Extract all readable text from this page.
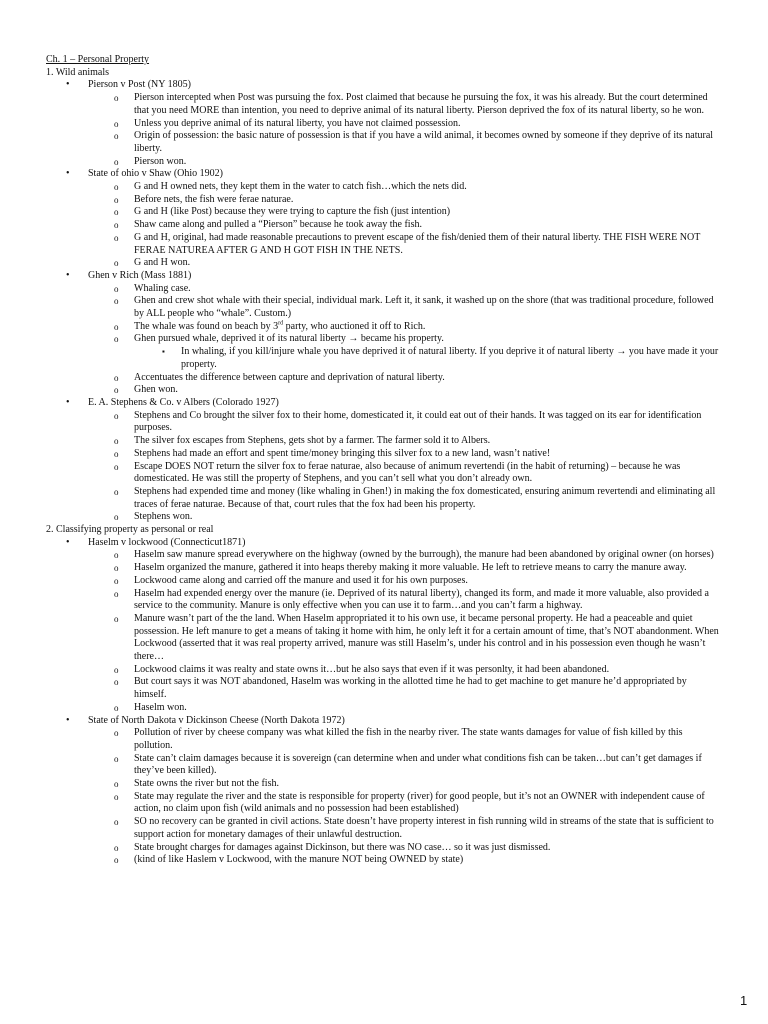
Ch. 1 – Personal Property
1. Wild animals
• Pierson v Post (NY 1805)
o Pierson intercepted when Post was pursuing the fox. Post claimed that because he pursuing the fox, it was his already. But the court determined that you need MORE than intention, you need to deprive animal of its natural liberty. Pierson deprived the fox of its natural liberty, so he won.
o Unless you deprive animal of its natural liberty, you have not claimed possession.
o Origin of possession: the basic nature of possession is that if you have a wild animal, it becomes owned by someone if they deprive of its natural liberty.
o Pierson won.
• State of ohio v Shaw (Ohio 1902)
o G and H owned nets, they kept them in the water to catch fish…which the nets did.
o Before nets, the fish were ferae naturae.
o G and H (like Post) because they were trying to capture the fish (just intention)
o Shaw came along and pulled a “Pierson” because he took away the fish.
o G and H, original, had made reasonable precautions to prevent escape of the fish/denied them of their natural liberty. THE FISH WERE NOT FERAE NATUREA AFTER G AND H GOT FISH IN THE NETS.
o G and H won.
• Ghen v Rich (Mass 1881)
o Whaling case.
o Ghen and crew shot whale with their special, individual mark. Left it, it sank, it washed up on the shore (that was traditional procedure, followed by ALL people who “whale”. Custom.)
o The whale was found on beach by 3rd party, who auctioned it off to Rich.
o Ghen pursued whale, deprived it of its natural liberty → became his property.
▪ In whaling, if you kill/injure whale you have deprived it of natural liberty. If you deprive it of natural liberty → you have made it your property.
o Accentuates the difference between capture and deprivation of natural liberty.
o Ghen won.
• E. A. Stephens & Co. v Albers (Colorado 1927)
o Stephens and Co brought the silver fox to their home, domesticated it, it could eat out of their hands. It was tagged on its ear for identification purposes.
o The silver fox escapes from Stephens, gets shot by a farmer. The farmer sold it to Albers.
o Stephens had made an effort and spent time/money bringing this silver fox to a new land, wasn’t native!
o Escape DOES NOT return the silver fox to ferae naturae, also because of animum revertendi (in the habit of returning) – because he was domesticated. He was still the property of Stephens, and you can’t sell what you don’t already own.
o Stephens had expended time and money (like whaling in Ghen!) in making the fox domesticated, ensuring animum revertendi and eliminating all traces of ferae naturae. Because of that, court rules that the fox had been his property.
o Stephens won.
2. Classifying property as personal or real
• Haselm v lockwood (Connecticut1871)
o Haselm saw manure spread everywhere on the highway (owned by the burrough), the manure had been abandoned by original owner (on horses)
o Haselm organized the manure, gathered it into heaps thereby making it more valuable. He left to retrieve means to carry the manure away.
o Lockwood came along and carried off the manure and used it for his own purposes.
o Haselm had expended energy over the manure (ie. Deprived of its natural liberty), changed its form, and made it more valuable, also provided a service to the community. Manure is only effective when you can use it to farm…and you can’t farm a highway.
o Manure wasn’t part of the the land. When Haselm appropriated it to his own use, it became personal property. He had a peaceable and quiet possession. He left manure to get a means of taking it home with him, he only left it for a certain amount of time, that’s NOT abandonment. When Lockwood (asserted that it was real property arrived, manure was still Haselm’s, under his control and in his possession even though he wasn’t there…
o Lockwood claims it was realty and state owns it…but he also says that even if it was personlty, it had been abandoned.
o But court says it was NOT abandoned, Haselm was working in the allotted time he had to get machine to get manure he’d appropriated by himself.
o Haselm won.
• State of North Dakota v Dickinson Cheese (North Dakota 1972)
o Pollution of river by cheese company was what killed the fish in the nearby river. The state wants damages for value of fish killed by this pollution.
o State can’t claim damages because it is sovereign (can determine when and under what conditions fish can be taken…but can’t get damages if they’ve been killed).
o State owns the river but not the fish.
o State may regulate the river and the state is responsible for property (river) for good people, but it’s not an OWNER with independent cause of action, no claim upon fish (wild animals and no possession had been established)
o SO no recovery can be granted in civil actions. State doesn’t have property interest in fish running wild in streams of the state that is sufficient to support action for monetary damages of their unlawful destruction.
o State brought charges for damages against Dickinson, but there was NO case… so it was just dismissed.
o (kind of like Haslem v Lockwood, with the manure NOT being OWNED by state)
1
